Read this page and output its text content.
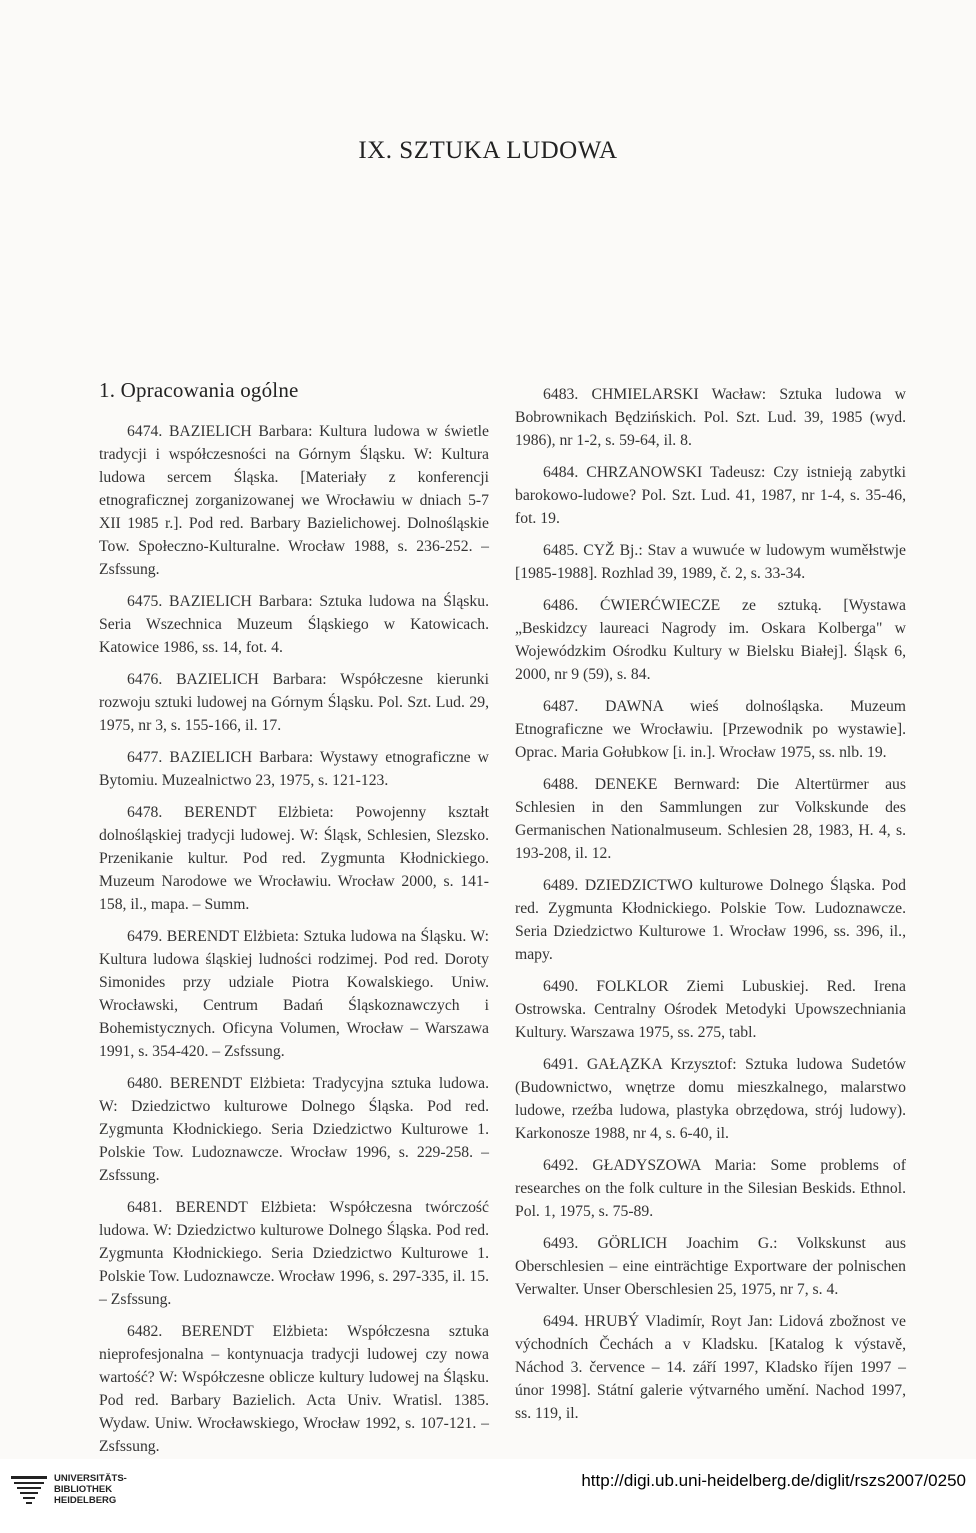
IX. SZTUKA LUDOWA
1. Opracowania ogólne

6474. BAZIELICH Barbara: Kultura ludowa w świetle tradycji i współczesności na Górnym Śląsku. W: Kultura ludowa sercem Śląska. [Materiały z konferencji etnograficznej zorganizowanej we Wrocławiu w dniach 5-7 XII 1985 r.]. Pod red. Barbary Bazielichowej. Dolnośląskie Tow. Społeczno-Kulturalne. Wrocław 1988, s. 236-252. – Zsfssung.

6475. BAZIELICH Barbara: Sztuka ludowa na Śląsku. Seria Wszechnica Muzeum Śląskiego w Katowicach. Katowice 1986, ss. 14, fot. 4.

6476. BAZIELICH Barbara: Współczesne kierunki rozwoju sztuki ludowej na Górnym Śląsku. Pol. Szt. Lud. 29, 1975, nr 3, s. 155-166, il. 17.

6477. BAZIELICH Barbara: Wystawy etnograficzne w Bytomiu. Muzealnictwo 23, 1975, s. 121-123.

6478. BERENDT Elżbieta: Powojenny kształt dolnośląskiej tradycji ludowej. W: Śląsk, Schlesien, Slezsko. Przenikanie kultur. Pod red. Zygmunta Kłodnickiego. Muzeum Narodowe we Wrocławiu. Wrocław 2000, s. 141-158, il., mapa. – Summ.

6479. BERENDT Elżbieta: Sztuka ludowa na Śląsku. W: Kultura ludowa śląskiej ludności rodzimej. Pod red. Doroty Simonides przy udziale Piotra Kowalskiego. Uniw. Wrocławski, Centrum Badań Śląskoznawczych i Bohemistycznych. Oficyna Volumen, Wrocław – Warszawa 1991, s. 354-420. – Zsfssung.

6480. BERENDT Elżbieta: Tradycyjna sztuka ludowa. W: Dziedzictwo kulturowe Dolnego Śląska. Pod red. Zygmunta Kłodnickiego. Seria Dziedzictwo Kulturowe 1. Polskie Tow. Ludoznawcze. Wrocław 1996, s. 229-258. – Zsfssung.

6481. BERENDT Elżbieta: Współczesna twórczość ludowa. W: Dziedzictwo kulturowe Dolnego Śląska. Pod red. Zygmunta Kłodnickiego. Seria Dziedzictwo Kulturowe 1. Polskie Tow. Ludoznawcze. Wrocław 1996, s. 297-335, il. 15. – Zsfssung.

6482. BERENDT Elżbieta: Współczesna sztuka nieprofesjonalna – kontynuacja tradycji ludowej czy nowa wartość? W: Współczesne oblicze kultury ludowej na Śląsku. Pod red. Barbary Bazielich. Acta Univ. Wratisl. 1385. Wydaw. Uniw. Wrocławskiego, Wrocław 1992, s. 107-121. – Zsfssung.

6483. CHMIELARSKI Wacław: Sztuka ludowa w Bobrownikach Będzińskich. Pol. Szt. Lud. 39, 1985 (wyd. 1986), nr 1-2, s. 59-64, il. 8.

6484. CHRZANOWSKI Tadeusz: Czy istnieją zabytki barokowo-ludowe? Pol. Szt. Lud. 41, 1987, nr 1-4, s. 35-46, fot. 19.

6485. CYŽ Bj.: Stav a wuwuće w ludowym wuměłstwje [1985-1988]. Rozhlad 39, 1989, č. 2, s. 33-34.

6486. ĆWIERĆWIECZE ze sztuką. [Wystawa „Beskidzcy laureaci Nagrody im. Oskara Kolberga" w Wojewódzkim Ośrodku Kultury w Bielsku Białej]. Śląsk 6, 2000, nr 9 (59), s. 84.

6487. DAWNA wieś dolnośląska. Muzeum Etnograficzne we Wrocławiu. [Przewodnik po wystawie]. Oprac. Maria Gołubkow [i. in.]. Wrocław 1975, ss. nlb. 19.

6488. DENEKE Bernward: Die Altertürmer aus Schlesien in den Sammlungen zur Volkskunde des Germanischen Nationalmuseum. Schlesien 28, 1983, H. 4, s. 193-208, il. 12.

6489. DZIEDZICTWO kulturowe Dolnego Śląska. Pod red. Zygmunta Kłodnickiego. Polskie Tow. Ludoznawcze. Seria Dziedzictwo Kulturowe 1. Wrocław 1996, ss. 396, il., mapy.

6490. FOLKLOR Ziemi Lubuskiej. Red. Irena Ostrowska. Centralny Ośrodek Metodyki Upowszechniania Kultury. Warszawa 1975, ss. 275, tabl.

6491. GAŁĄZKA Krzysztof: Sztuka ludowa Sudetów (Budownictwo, wnętrze domu mieszkalnego, malarstwo ludowe, rzeźba ludowa, plastyka obrzędowa, strój ludowy). Karkonosze 1988, nr 4, s. 6-40, il.

6492. GŁADYSZOWA Maria: Some problems of researches on the folk culture in the Silesian Beskids. Ethnol. Pol. 1, 1975, s. 75-89.

6493. GÖRLICH Joachim G.: Volkskunst aus Oberschlesien – eine einträchtige Exportware der polnischen Verwalter. Unser Oberschlesien 25, 1975, nr 7, s. 4.

6494. HRUBÝ Vladimír, Royt Jan: Lidová zbožnost ve východních Čechách a v Kladsku. [Katalog k výstavě, Náchod 3. července – 14. září 1997, Kladsko říjen 1997 – únor 1998]. Státní galerie výtvarného umění. Nachod 1997, ss. 119, il.

UNIVERSITÄTS-
BIBLIOTHEK
HEIDELBERG
http://digi.ub.uni-heidelberg.de/diglit/rszs2007/0250
